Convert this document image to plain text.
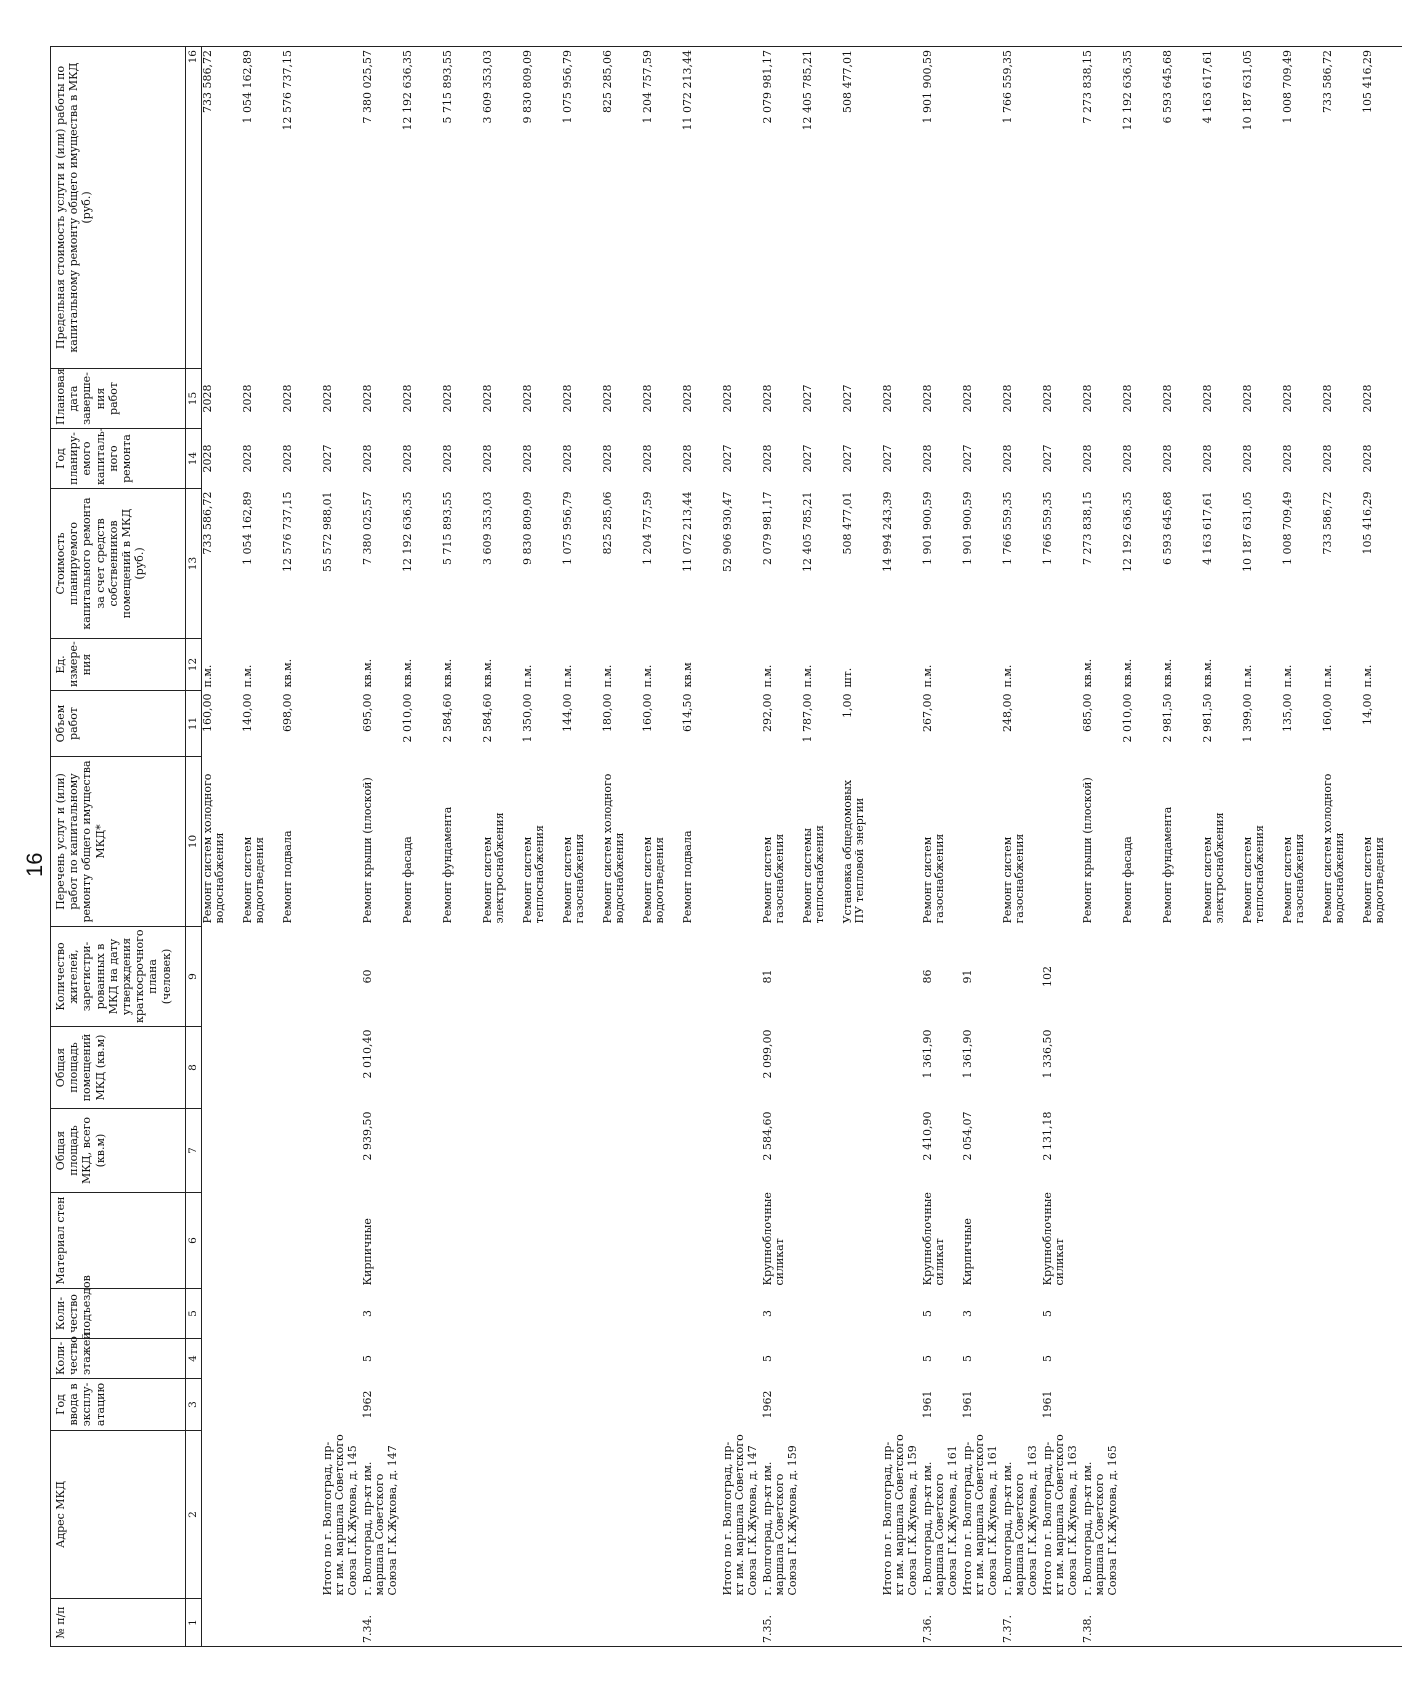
16
№ п/п	Адрес МКД	Год ввода в эксплу-атацию	Коли-чество этажей	Коли-чество подъездов	Материал стен	Общая площадь МКД, всего (кв.м)	Общая площадь помещений МКД (кв.м)	Количество жителей, зарегистри-рованных в МКД на дату утверждения краткосрочного плана (человек)	Перечень услуг и (или) работ по капитальному ремонту общего имущества МКД*	Объем работ	Ед. измере-ния	Стоимость планируемого капитального ремонта за счет средств собственников помещений в МКД (руб.)	Год планиру-емого капиталь-ного ремонта	Плановая дата заверше-ния работ	Предельная стоимость услуги и (или) работы по капитальному ремонту общего имущества в МКД (руб.)
1	2	3	4	5	6	7	8	9	10	11	12	13	14	15	16
									Ремонт систем холодного водоснабжения	160,00	п.м.	733 586,72	2028	2028	733 586,72
									Ремонт систем водоотведения	140,00	п.м.	1 054 162,89	2028	2028	1 054 162,89
									Ремонт подвала	698,00	кв.м.	12 576 737,15	2028	2028	12 576 737,15
	Итого по г. Волгоград, пр-кт им. маршала Советского Союза Г.К.Жукова, д. 145											55 572 988,01	2027	2028	
7.34.	г. Волгоград, пр-кт им. маршала Советского Союза Г.К.Жукова, д. 147	1962	5	3	Кирпичные	2 939,50	2 010,40	60	Ремонт крыши (плоской)	695,00	кв.м.	7 380 025,57	2028	2028	7 380 025,57
									Ремонт фасада	2 010,00	кв.м.	12 192 636,35	2028	2028	12 192 636,35
									Ремонт фундамента	2 584,60	кв.м.	5 715 893,55	2028	2028	5 715 893,55
									Ремонт систем электроснабжения	2 584,60	кв.м.	3 609 353,03	2028	2028	3 609 353,03
									Ремонт систем теплоснабжения	1 350,00	п.м.	9 830 809,09	2028	2028	9 830 809,09
									Ремонт систем газоснабжения	144,00	п.м.	1 075 956,79	2028	2028	1 075 956,79
									Ремонт систем холодного водоснабжения	180,00	п.м.	825 285,06	2028	2028	825 285,06
									Ремонт систем водоотведения	160,00	п.м.	1 204 757,59	2028	2028	1 204 757,59
									Ремонт подвала	614,50	кв.м	11 072 213,44	2028	2028	11 072 213,44
	Итого по г. Волгоград, пр-кт им. маршала Советского Союза Г.К.Жукова, д. 147											52 906 930,47	2027	2028	
7.35.	г. Волгоград, пр-кт им. маршала Советского Союза Г.К.Жукова, д. 159	1962	5	3	Крупноблочные силикат	2 584,60	2 099,00	81	Ремонт систем газоснабжения	292,00	п.м.	2 079 981,17	2028	2028	2 079 981,17
									Ремонт системы теплоснабжения	1 787,00	п.м.	12 405 785,21	2027	2027	12 405 785,21
									Установка общедомовых ПУ тепловой энергии	1,00	шт.	508 477,01	2027	2027	508 477,01
	Итого по г. Волгоград, пр-кт им. маршала Советского Союза Г.К.Жукова, д. 159											14 994 243,39	2027	2028	
7.36.	г. Волгоград, пр-кт им. маршала Советского Союза Г.К.Жукова, д. 161	1961	5	5	Крупноблочные силикат	2 410,90	1 361,90	86	Ремонт систем газоснабжения	267,00	п.м.	1 901 900,59	2028	2028	1 901 900,59
	Итого по г. Волгоград, пр-кт им. маршала Советского Союза Г.К.Жукова, д. 161	1961	5	3	Кирпичные	2 054,07	1 361,90	91				1 901 900,59	2027	2028	
7.37.	г. Волгоград, пр-кт им. маршала Советского Союза Г.К.Жукова, д. 163								Ремонт систем газоснабжения	248,00	п.м.	1 766 559,35	2028	2028	1 766 559,35
	Итого по г. Волгоград, пр-кт им. маршала Советского Союза Г.К.Жукова, д. 163	1961	5	5	Крупноблочные силикат	2 131,18	1 336,50	102				1 766 559,35	2027	2028	
7.38.	г. Волгоград, пр-кт им. маршала Советского Союза Г.К.Жукова, д. 165								Ремонт крыши (плоской)	685,00	кв.м.	7 273 838,15	2028	2028	7 273 838,15
									Ремонт фасада	2 010,00	кв.м.	12 192 636,35	2028	2028	12 192 636,35
									Ремонт фундамента	2 981,50	кв.м.	6 593 645,68	2028	2028	6 593 645,68
									Ремонт систем электроснабжения	2 981,50	кв.м.	4 163 617,61	2028	2028	4 163 617,61
									Ремонт систем теплоснабжения	1 399,00	п.м.	10 187 631,05	2028	2028	10 187 631,05
									Ремонт систем газоснабжения	135,00	п.м.	1 008 709,49	2028	2028	1 008 709,49
									Ремонт систем холодного водоснабжения	160,00	п.м.	733 586,72	2028	2028	733 586,72
									Ремонт систем водоотведения	14,00	п.м.	105 416,29	2028	2028	105 416,29
